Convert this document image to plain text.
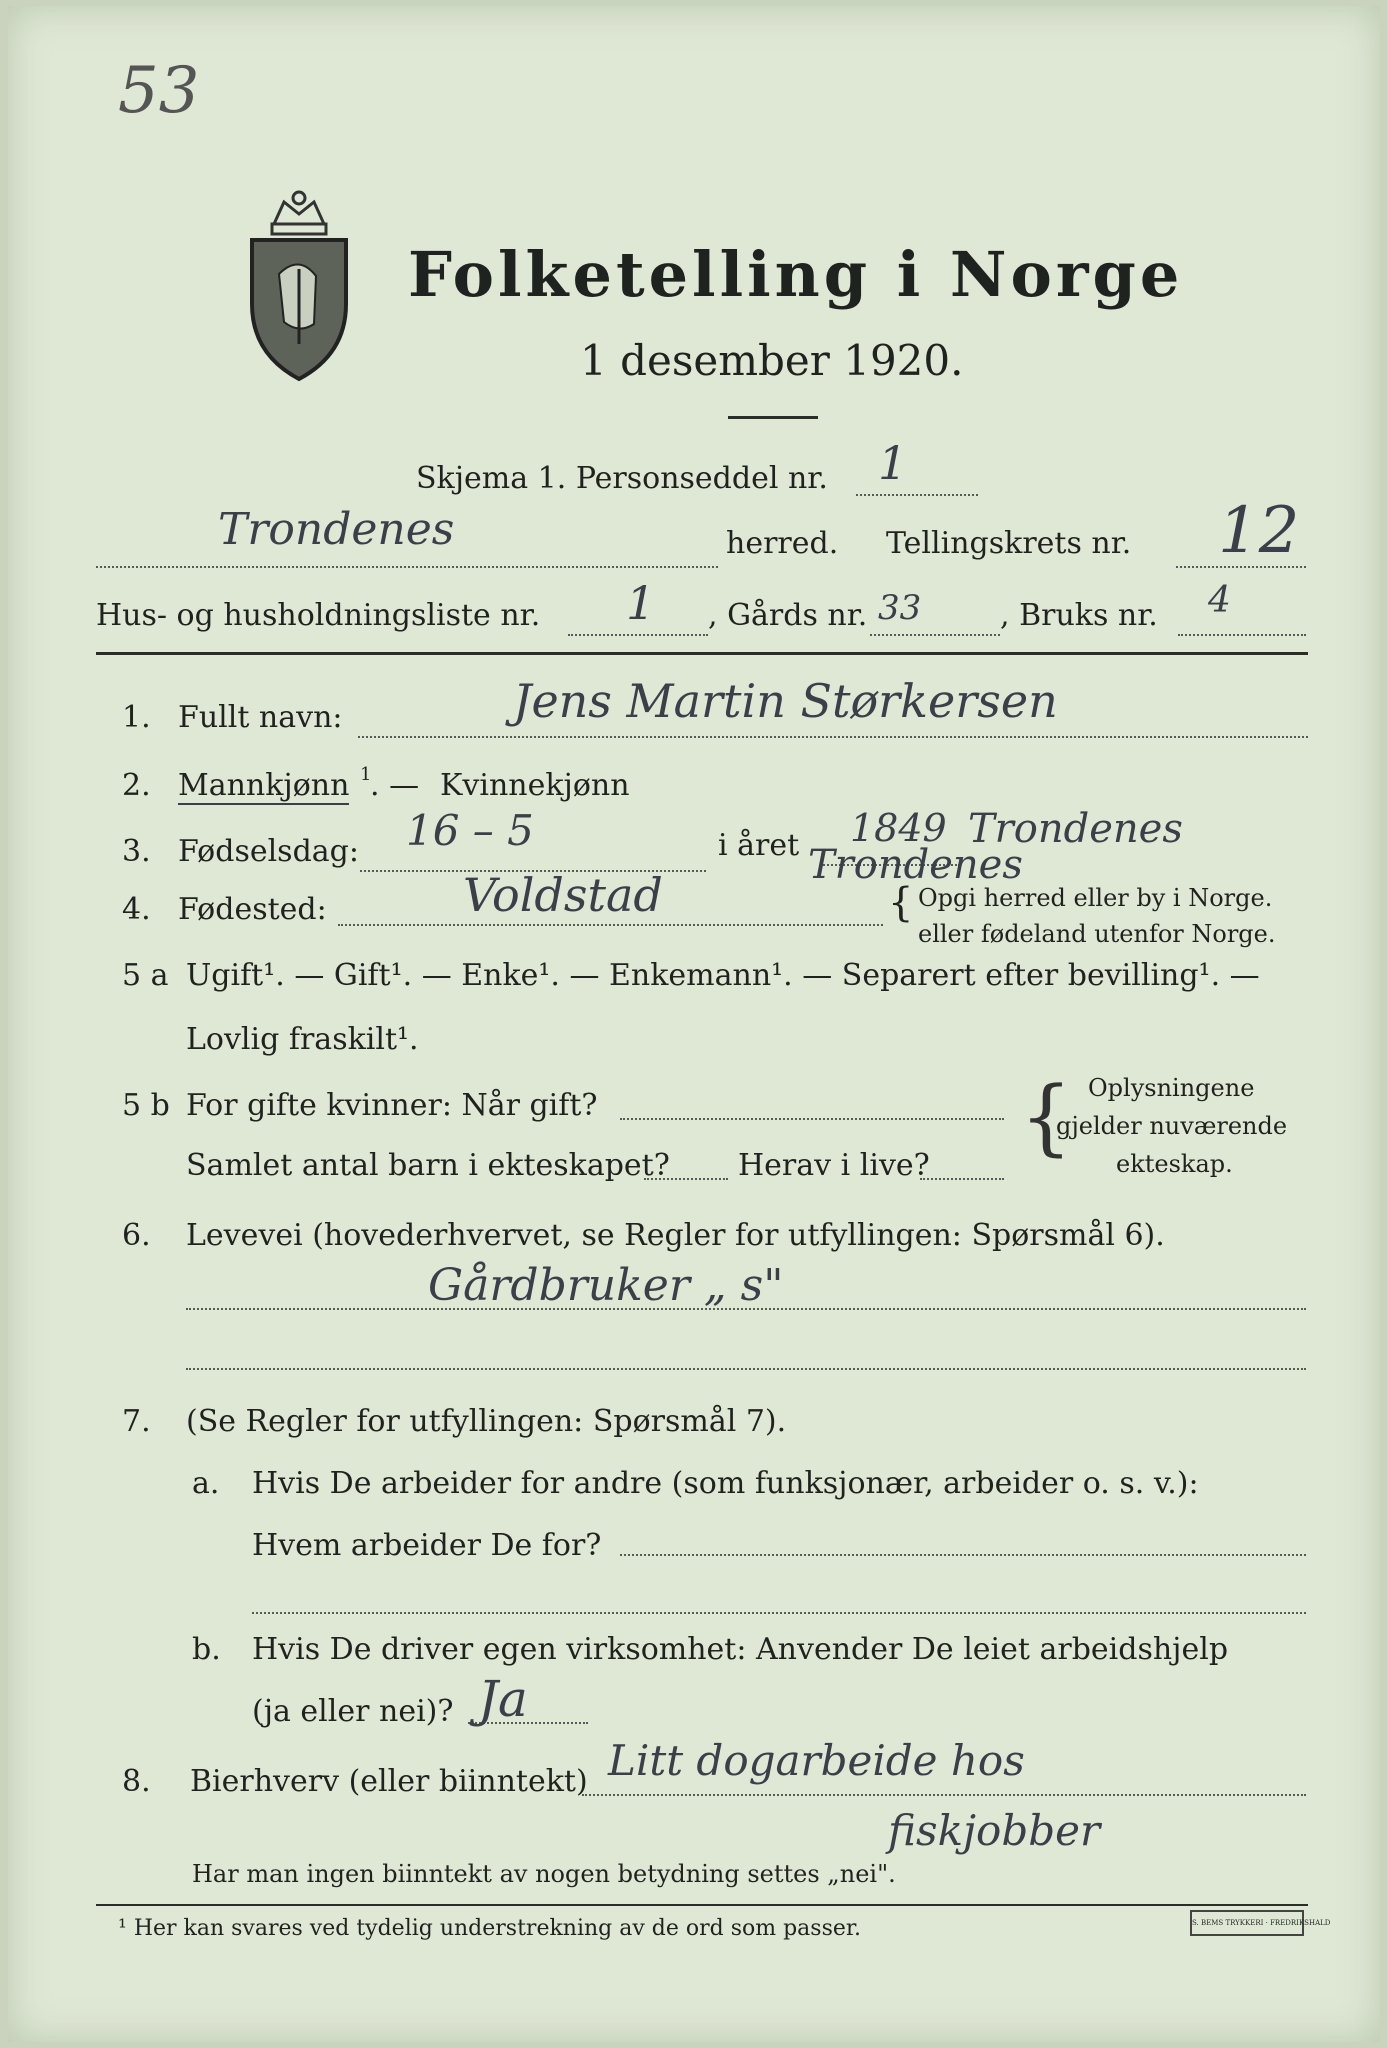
53
Folketelling i Norge
1 desember 1920.
Skjema 1. Personseddel nr. 1
Trondenes	herred. Tellingskrets nr. 12
Hus- og husholdningsliste nr. 1 , Gårds nr. 33	, Bruks nr. 4
1. Fullt navn:	Jens Martin Størkersen
2. Mannkjønn 1
. — Kvinnekjønn
3. Fødselsdag: 16 – 5	i året 1849 Trondenes
4. Fødested:	Voldstad
Trondenes
{ Opgi herred eller by i Norge.
eller fødeland utenfor Norge.
5 a Ugift¹. — Gift¹. — Enke¹. — Enkemann¹. — Separert efter bevilling¹. —
Lovlig fraskilt¹.
5 b For gifte kvinner: Når gift?
Samlet antal barn i ekteskapet? Herav i live?
{ Oplysningene
gjelder nuværende
ekteskap.
6. Levevei (hovederhvervet, se Regler for utfyllingen: Spørsmål 6).
Gårdbruker „ s"
7. (Se Regler for utfyllingen: Spørsmål 7).
a. Hvis De arbeider for andre (som funksjonær, arbeider o. s. v.):
Hvem arbeider De for?
b. Hvis De driver egen virksomhet: Anvender De leiet arbeidshjelp
(ja eller nei)? Ja
8. Bierhverv (eller biinntekt) Litt dogarbeide hos
fiskjobber
Har man ingen biinntekt av nogen betydning settes „nei".
¹ Her kan svares ved tydelig understrekning av de ord som passer.	S. BEMS TRYKKERI · FREDRIKSHALD
